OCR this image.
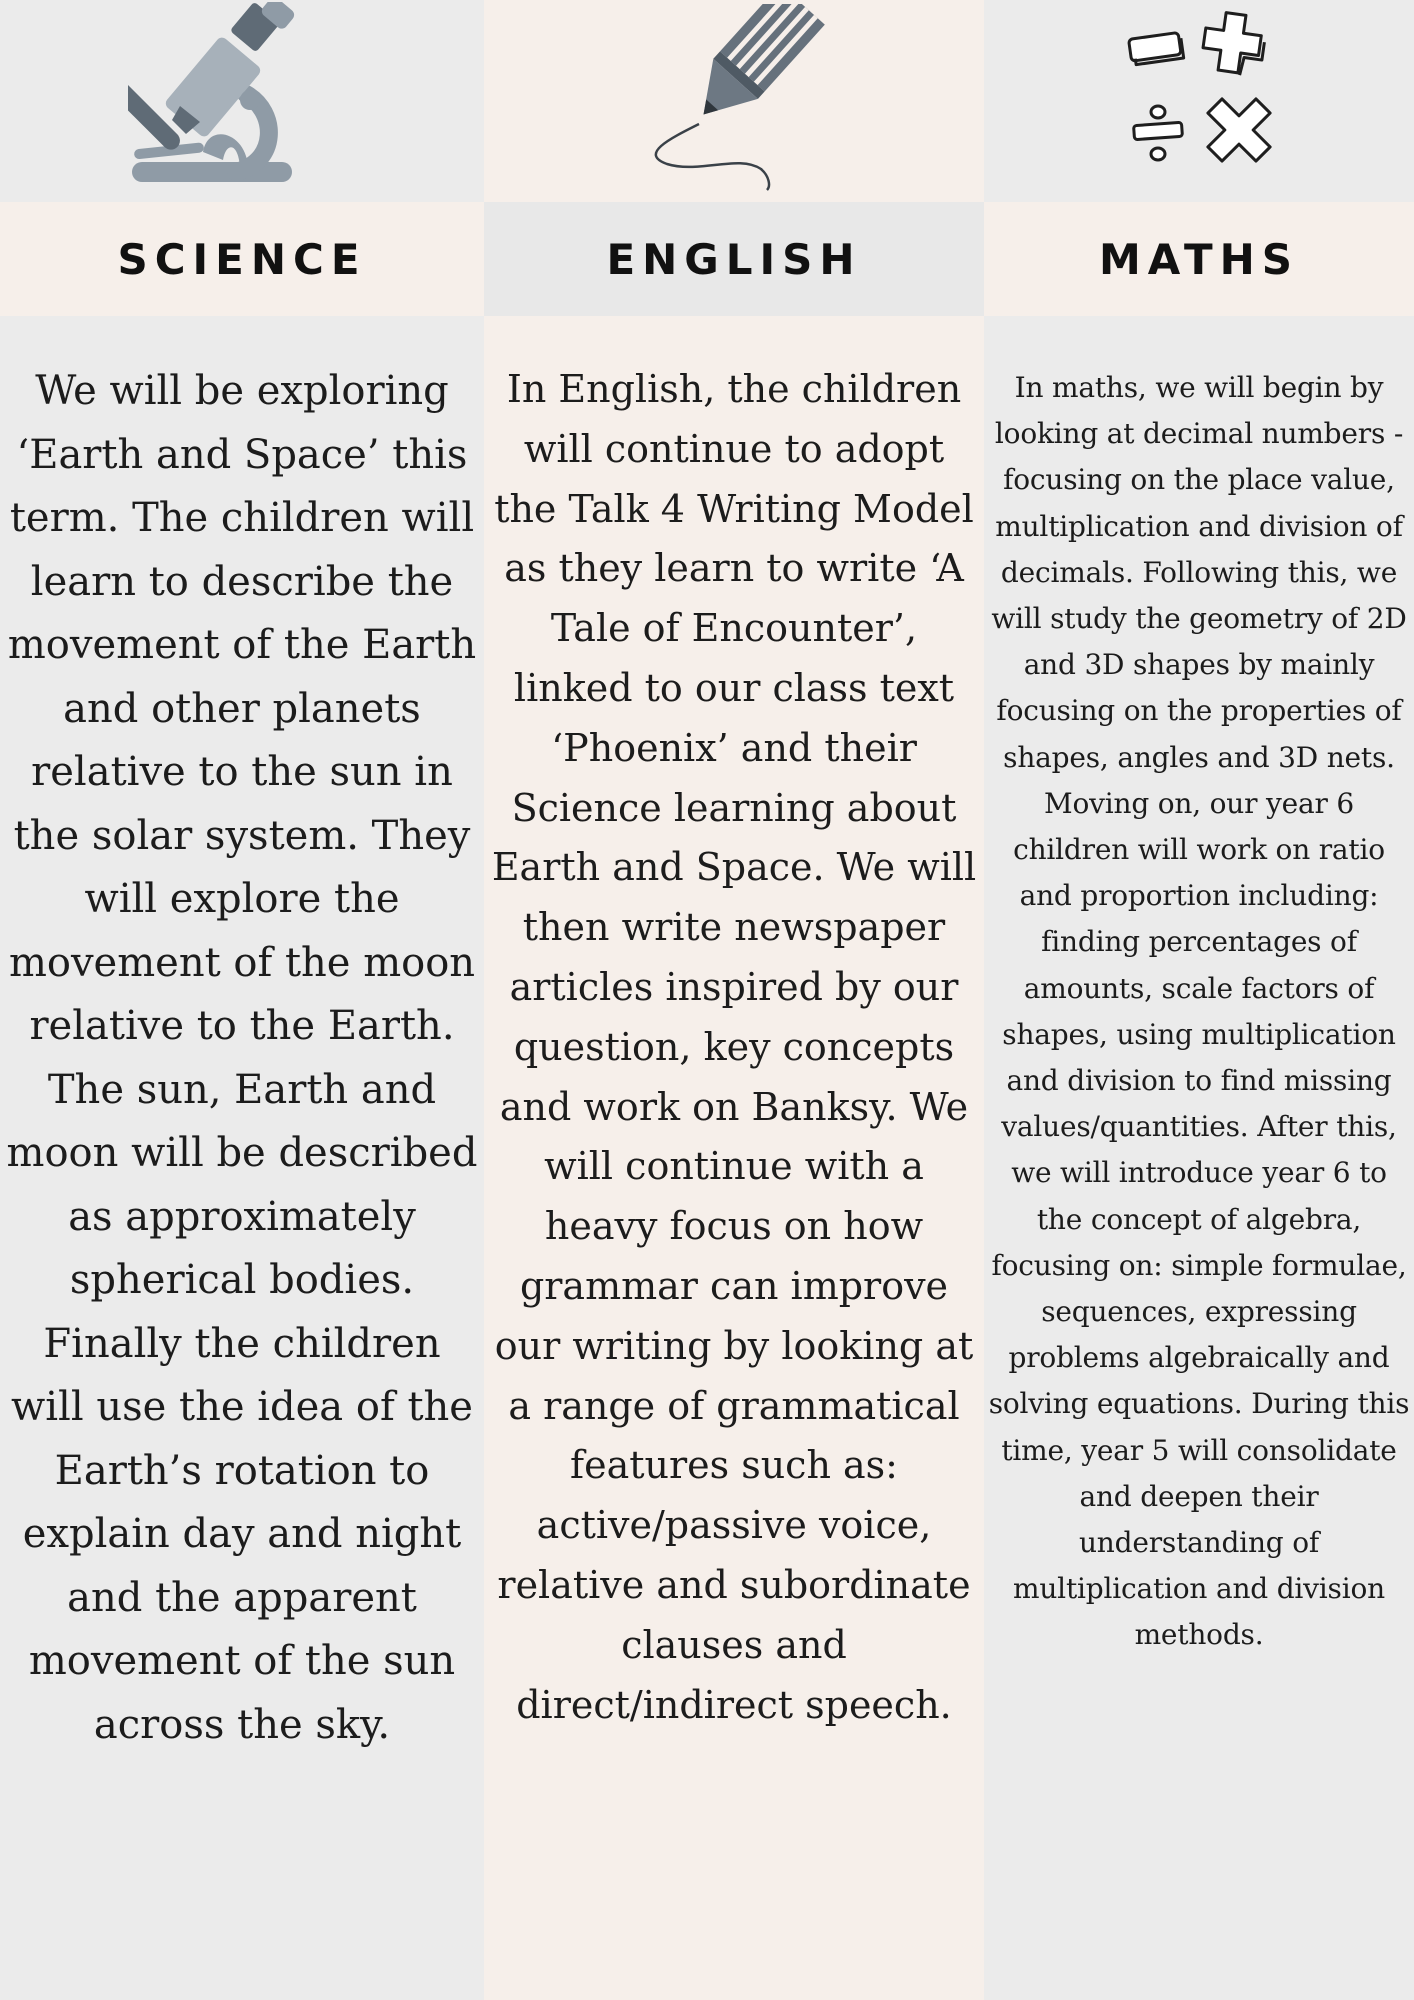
SCIENCE

We will be exploring ‘Earth and Space’ this term. The children will learn to describe the movement of the Earth and other planets relative to the sun in the solar system. They will explore the movement of the moon relative to the Earth. The sun, Earth and moon will be described as approximately spherical bodies. Finally the children will use the idea of the Earth’s rotation to explain day and night and the apparent movement of the sun across the sky.

ENGLISH

In English, the children will continue to adopt the Talk 4 Writing Model as they learn to write ‘A Tale of Encounter’, linked to our class text ‘Phoenix’ and their Science learning about Earth and Space. We will then write newspaper articles inspired by our question, key concepts and work on Banksy. We will continue with a heavy focus on how grammar can improve our writing by looking at a range of grammatical features such as: active/passive voice, relative and subordinate clauses and direct/indirect speech.

MATHS

In maths, we will begin by looking at decimal numbers - focusing on the place value, multiplication and division of decimals. Following this, we will study the geometry of 2D and 3D shapes by mainly focusing on the properties of shapes, angles and 3D nets. Moving on, our year 6 children will work on ratio and proportion including: finding percentages of amounts, scale factors of shapes, using multiplication and division to find missing values/quantities. After this, we will introduce year 6 to the concept of algebra, focusing on: simple formulae, sequences, expressing problems algebraically and solving equations. During this time, year 5 will consolidate and deepen their understanding of multiplication and division methods.
